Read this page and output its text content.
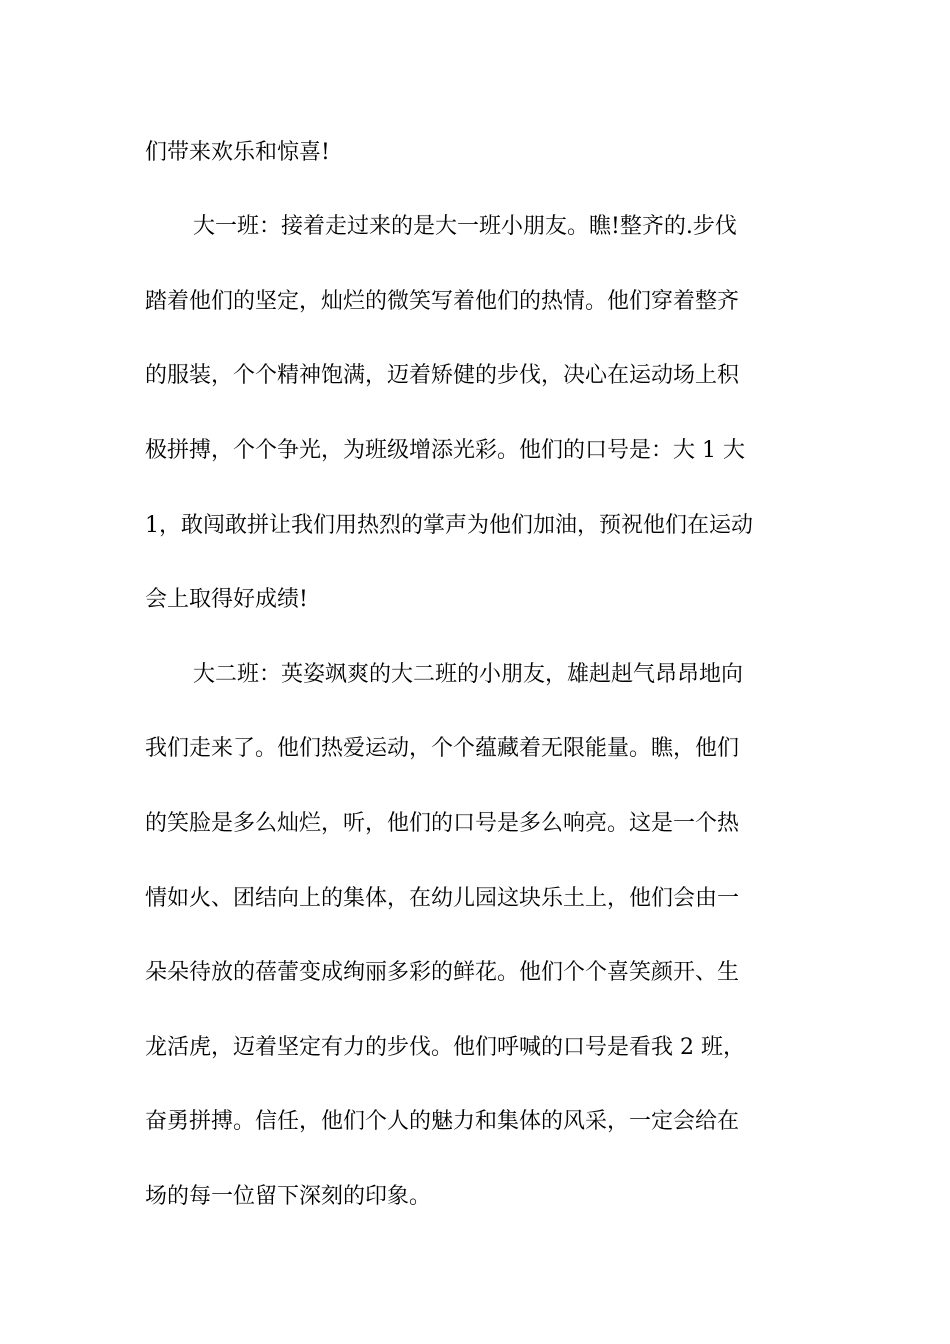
们带来欢乐和惊喜!
大一班：接着走过来的是大一班小朋友。瞧!整齐的.步伐
踏着他们的坚定，灿烂的微笑写着他们的热情。他们穿着整齐
的服装，个个精神饱满，迈着矫健的步伐，决心在运动场上积
极拼搏，个个争光，为班级增添光彩。他们的口号是：大 1 大
1，敢闯敢拼让我们用热烈的掌声为他们加油，预祝他们在运动
会上取得好成绩!
大二班：英姿飒爽的大二班的小朋友，雄赳赳气昂昂地向
我们走来了。他们热爱运动，个个蕴藏着无限能量。瞧，他们
的笑脸是多么灿烂，听，他们的口号是多么响亮。这是一个热
情如火、团结向上的集体，在幼儿园这块乐土上，他们会由一
朵朵待放的蓓蕾变成绚丽多彩的鲜花。他们个个喜笑颜开、生
龙活虎，迈着坚定有力的步伐。他们呼喊的口号是看我 2 班，
奋勇拼搏。信任，他们个人的魅力和集体的风采，一定会给在
场的每一位留下深刻的印象。
